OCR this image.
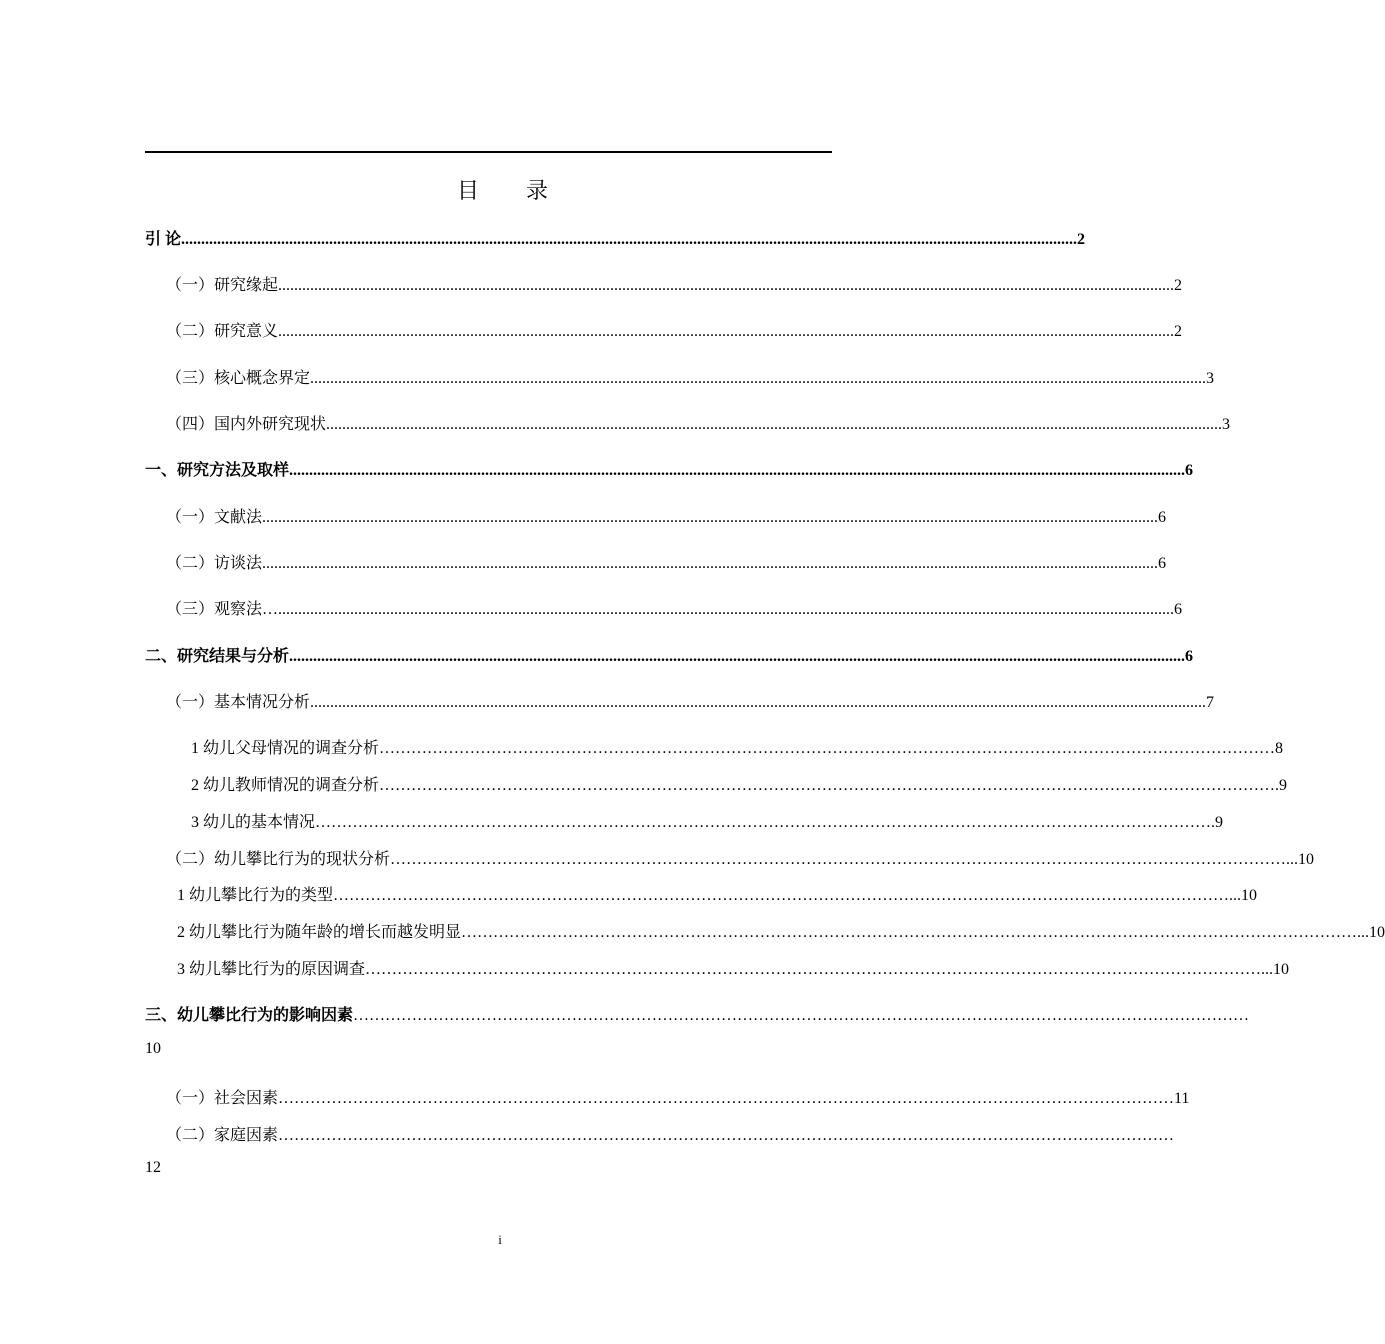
目 录
引 论 ................................................................................................................................................................................................................................ 2
（一）研究缘起 ................................................................................................................................................................................................................................ 2
（二）研究意义 ................................................................................................................................................................................................................................ 2
（三）核心概念界定 ................................................................................................................................................................................................................................ 3
（四）国内外研究现状 ................................................................................................................................................................................................................................ 3
一、研究方法及取样 ................................................................................................................................................................................................................................ 6
（一）文献法 ................................................................................................................................................................................................................................ 6
（二）访谈法 ................................................................................................................................................................................................................................ 6
（三）观察法… ................................................................................................................................................................................................................................ 6
二、研究结果与分析 ................................................................................................................................................................................................................................ 6
（一）基本情况分析 ................................................................................................................................................................................................................................ 7
1 幼儿父母情况的调查分析 …………………………………………………………………………………………………………………………………………………… 8
2 幼儿教师情况的调查分析 …………………………………………………………………………………………………………………………………………………… .9
3 幼儿的基本情况 …………………………………………………………………………………………………………………………………………………… .9
（二）幼儿攀比行为的现状分析 …………………………………………………………………………………………………………………………………………………… ...10
1 幼儿攀比行为的类型 …………………………………………………………………………………………………………………………………………………… ...10
2 幼儿攀比行为随年龄的增长而越发明显 …………………………………………………………………………………………………………………………………………………… ...10
3 幼儿攀比行为的原因调查 …………………………………………………………………………………………………………………………………………………… ...10
三、幼儿攀比行为的影响因素 ……………………………………………………………………………………………………………………………………………………
10
（一）社会因素 …………………………………………………………………………………………………………………………………………………… 11
（二）家庭因素 ……………………………………………………………………………………………………………………………………………………
12
i
